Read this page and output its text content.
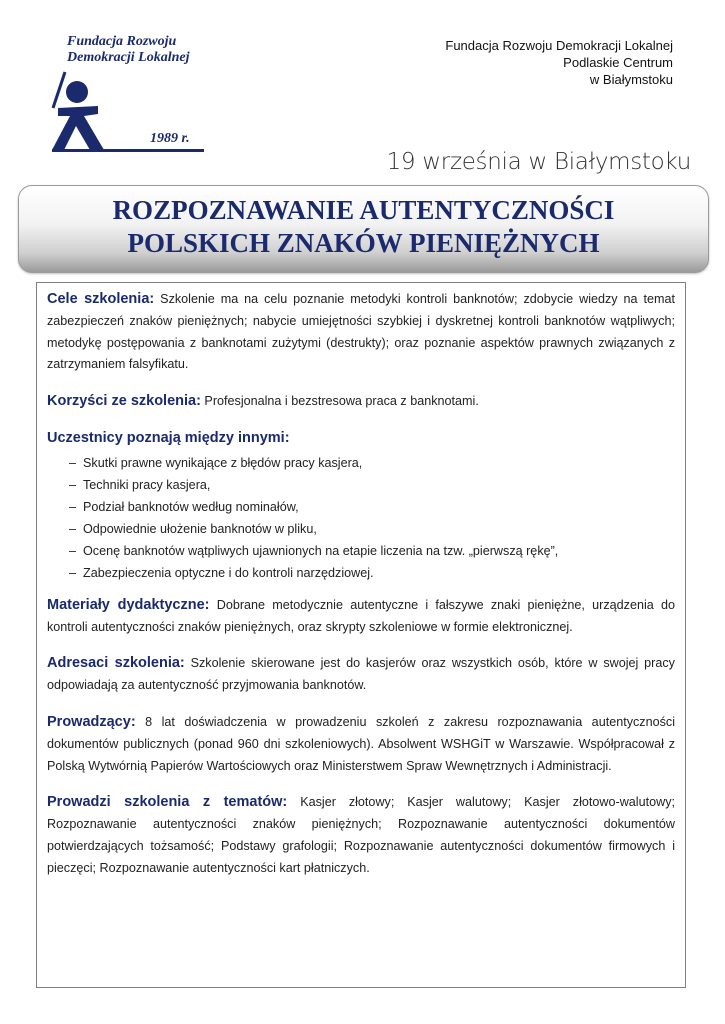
Fundacja Rozwoju
Demokracji Lokalnej
1989 r.
Fundacja Rozwoju Demokracji Lokalnej
Podlaskie Centrum
w Białymstoku
19 września w Białymstoku
ROZPOZNAWANIE AUTENTYCZNOŚCI
POLSKICH ZNAKÓW PIENIĘŻNYCH

Cele szkolenia: Szkolenie ma na celu poznanie metodyki kontroli banknotów; zdobycie wiedzy na temat zabezpieczeń znaków pieniężnych; nabycie umiejętności szybkiej i dyskretnej kontroli banknotów wątpliwych; metodykę postępowania z banknotami zużytymi (destrukty); oraz poznanie aspektów prawnych związanych z zatrzymaniem falsyfikatu.

Korzyści ze szkolenia: Profesjonalna i bezstresowa praca z banknotami.

Uczestnicy poznają między innymi:

– Skutki prawne wynikające z błędów pracy kasjera,
– Techniki pracy kasjera,
– Podział banknotów według nominałów,
– Odpowiednie ułożenie banknotów w pliku,
– Ocenę banknotów wątpliwych ujawnionych na etapie liczenia na tzw. „pierwszą rękę”,
– Zabezpieczenia optyczne i do kontroli narzędziowej.

Materiały dydaktyczne: Dobrane metodycznie autentyczne i fałszywe znaki pieniężne, urządzenia do kontroli autentyczności znaków pieniężnych, oraz skrypty szkoleniowe w formie elektronicznej.

Adresaci szkolenia: Szkolenie skierowane jest do kasjerów oraz wszystkich osób, które w swojej pracy odpowiadają za autentyczność przyjmowania banknotów.

Prowadzący: 8 lat doświadczenia w prowadzeniu szkoleń z zakresu rozpoznawania autentyczności dokumentów publicznych (ponad 960 dni szkoleniowych). Absolwent WSHGiT w Warszawie. Współpracował z Polską Wytwórnią Papierów Wartościowych oraz Ministerstwem Spraw Wewnętrznych i Administracji.

Prowadzi szkolenia z tematów: Kasjer złotowy; Kasjer walutowy; Kasjer złotowo-walutowy; Rozpoznawanie autentyczności znaków pieniężnych; Rozpoznawanie autentyczności dokumentów potwierdzających tożsamość; Podstawy grafologii; Rozpoznawanie autentyczności dokumentów firmowych i pieczęci; Rozpoznawanie autentyczności kart płatniczych.
